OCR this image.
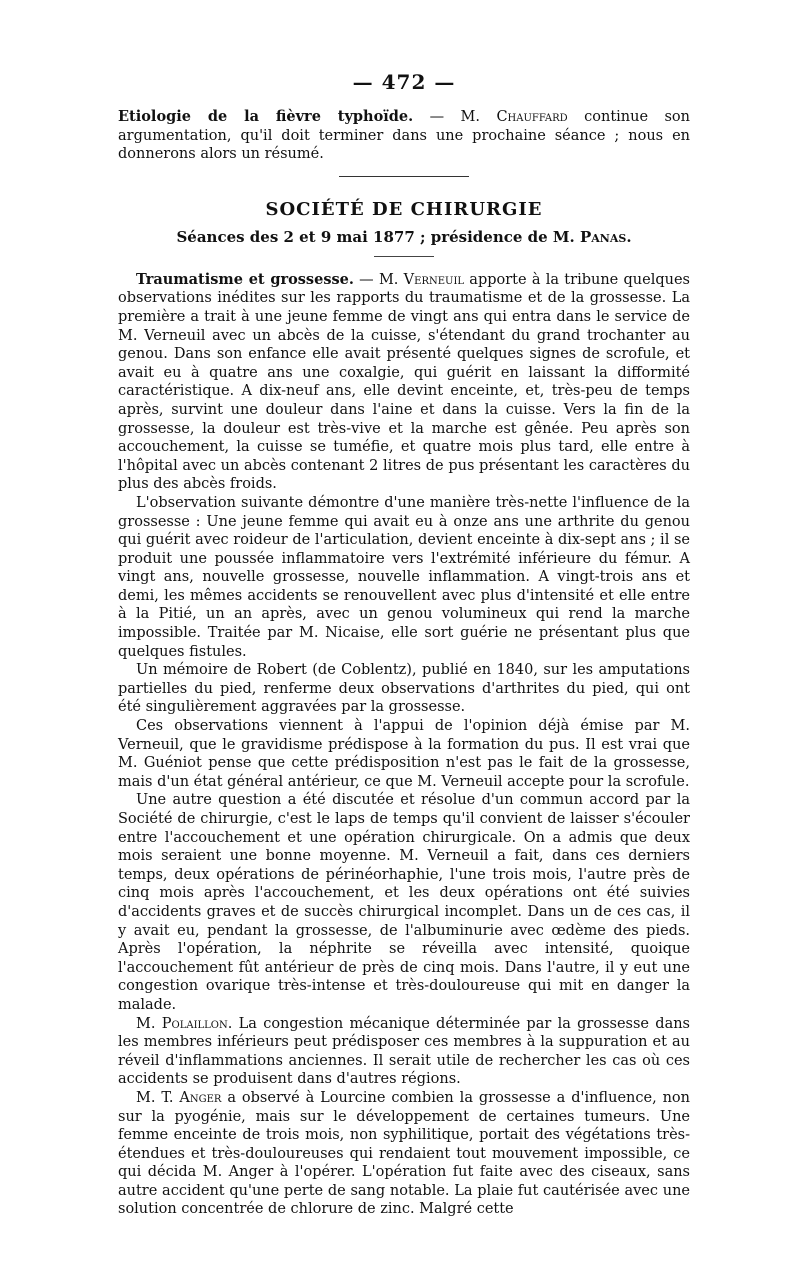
— 472 —

Etiologie de la fièvre typhoïde. — M. Chauffard continue son argumentation, qu'il doit terminer dans une prochaine séance ; nous en donnerons alors un résumé.

SOCIÉTÉ DE CHIRURGIE
Séances des 2 et 9 mai 1877 ; présidence de M. Panas.

Traumatisme et grossesse. — M. Verneuil apporte à la tribune quelques observations inédites sur les rapports du traumatisme et de la grossesse. La première a trait à une jeune femme de vingt ans qui entra dans le service de M. Verneuil avec un abcès de la cuisse, s'étendant du grand trochanter au genou. Dans son enfance elle avait présenté quelques signes de scrofule, et avait eu à quatre ans une coxalgie, qui guérit en laissant la difformité caractéristique. A dix-neuf ans, elle devint enceinte, et, très-peu de temps après, survint une douleur dans l'aine et dans la cuisse. Vers la fin de la grossesse, la douleur est très-vive et la marche est gênée. Peu après son accouchement, la cuisse se tuméfie, et quatre mois plus tard, elle entre à l'hôpital avec un abcès contenant 2 litres de pus présentant les caractères du plus des abcès froids.

L'observation suivante démontre d'une manière très-nette l'influence de la grossesse : Une jeune femme qui avait eu à onze ans une arthrite du genou qui guérit avec roideur de l'articulation, devient enceinte à dix-sept ans ; il se produit une poussée inflammatoire vers l'extrémité inférieure du fémur. A vingt ans, nouvelle grossesse, nouvelle inflammation. A vingt-trois ans et demi, les mêmes accidents se renouvellent avec plus d'intensité et elle entre à la Pitié, un an après, avec un genou volumineux qui rend la marche impossible. Traitée par M. Nicaise, elle sort guérie ne présentant plus que quelques fistules.

Un mémoire de Robert (de Coblentz), publié en 1840, sur les amputations partielles du pied, renferme deux observations d'arthrites du pied, qui ont été singulièrement aggravées par la grossesse.

Ces observations viennent à l'appui de l'opinion déjà émise par M. Verneuil, que le gravidisme prédispose à la formation du pus. Il est vrai que M. Guéniot pense que cette prédisposition n'est pas le fait de la grossesse, mais d'un état général antérieur, ce que M. Verneuil accepte pour la scrofule.

Une autre question a été discutée et résolue d'un commun accord par la Société de chirurgie, c'est le laps de temps qu'il convient de laisser s'écouler entre l'accouchement et une opération chirurgicale. On a admis que deux mois seraient une bonne moyenne. M. Verneuil a fait, dans ces derniers temps, deux opérations de périnéorhaphie, l'une trois mois, l'autre près de cinq mois après l'accouchement, et les deux opérations ont été suivies d'accidents graves et de succès chirurgical incomplet. Dans un de ces cas, il y avait eu, pendant la grossesse, de l'albuminurie avec œdème des pieds. Après l'opération, la néphrite se réveilla avec intensité, quoique l'accouchement fût antérieur de près de cinq mois. Dans l'autre, il y eut une congestion ovarique très-intense et très-douloureuse qui mit en danger la malade.

M. Polaillon. La congestion mécanique déterminée par la grossesse dans les membres inférieurs peut prédisposer ces membres à la suppuration et au réveil d'inflammations anciennes. Il serait utile de rechercher les cas où ces accidents se produisent dans d'autres régions.

M. T. Anger a observé à Lourcine combien la grossesse a d'influence, non sur la pyogénie, mais sur le développement de certaines tumeurs. Une femme enceinte de trois mois, non syphilitique, portait des végétations très-étendues et très-douloureuses qui rendaient tout mouvement impossible, ce qui décida M. Anger à l'opérer. L'opération fut faite avec des ciseaux, sans autre accident qu'une perte de sang notable. La plaie fut cautérisée avec une solution concentrée de chlorure de zinc. Malgré cette
